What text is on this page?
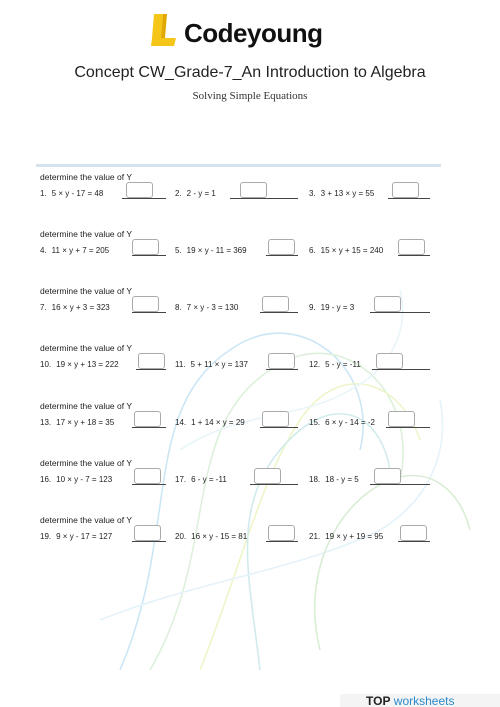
Codeyoung
Concept CW_Grade-7_An Introduction to Algebra
Solving Simple Equations
determine the value of Y
1. 5 × y - 17 = 48	2. 2 - y = 1	3. 3 + 13 × y = 55
determine the value of Y
4. 11 × y + 7 = 205	5. 19 × y - 11 = 369	6. 15 × y + 15 = 240
determine the value of Y
7. 16 × y + 3 = 323	8. 7 × y - 3 = 130	9. 19 - y = 3
determine the value of Y
10. 19 × y + 13 = 222	11. 5 + 11 × y = 137	12. 5 - y = -11
determine the value of Y
13. 17 × y + 18 = 35	14. 1 + 14 × y = 29	15. 6 × y - 14 = -2
determine the value of Y
16. 10 × y - 7 = 123	17. 6 - y = -11	18. 18 - y = 5
determine the value of Y
19. 9 × y - 17 = 127	20. 16 × y - 15 = 81	21. 19 × y + 19 = 95
TOP worksheets
